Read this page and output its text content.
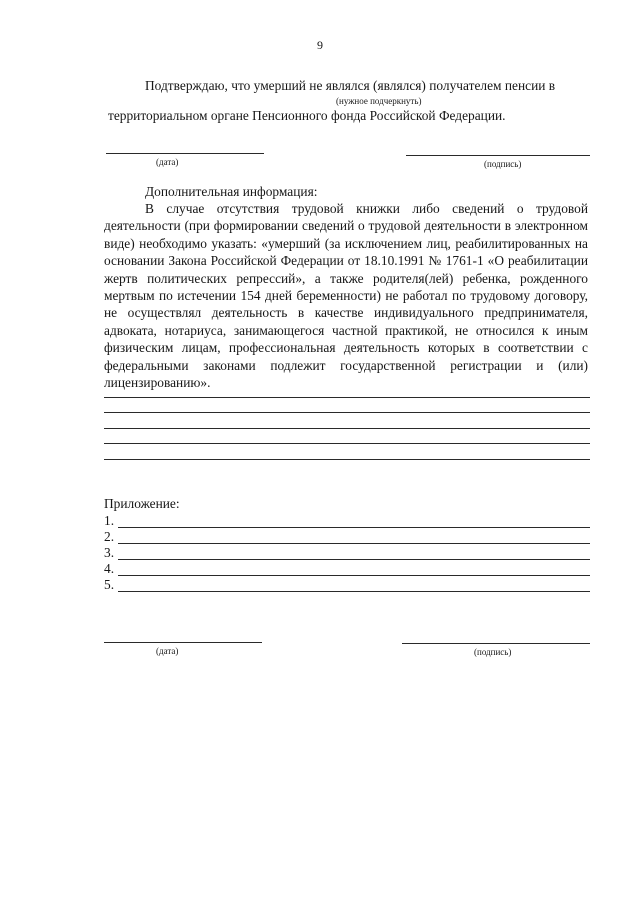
9
Подтверждаю, что умерший не являлся (являлся) получателем пенсии в
(нужное подчеркнуть)
территориальном органе Пенсионного фонда Российской Федерации.
(дата)	(подпись)
Дополнительная информация:
В случае отсутствия трудовой книжки либо сведений о трудовой деятельности (при формировании сведений о трудовой деятельности в электронном виде) необходимо указать: «умерший (за исключением лиц, реабилитированных на основании Закона Российской Федерации от 18.10.1991 № 1761-1 «О реабилитации жертв политических репрессий», а также родителя(лей) ребенка, рожденного мертвым по истечении 154 дней беременности) не работал по трудовому договору, не осуществлял деятельность в качестве индивидуального предпринимателя, адвоката, нотариуса, занимающегося частной практикой, не относился к иным физическим лицам, профессиональная деятельность которых в соответствии с федеральными законами подлежит государственной регистрации и (или) лицензированию».
Приложение:
1.
2.
3.
4.
5.
(дата)	(подпись)
